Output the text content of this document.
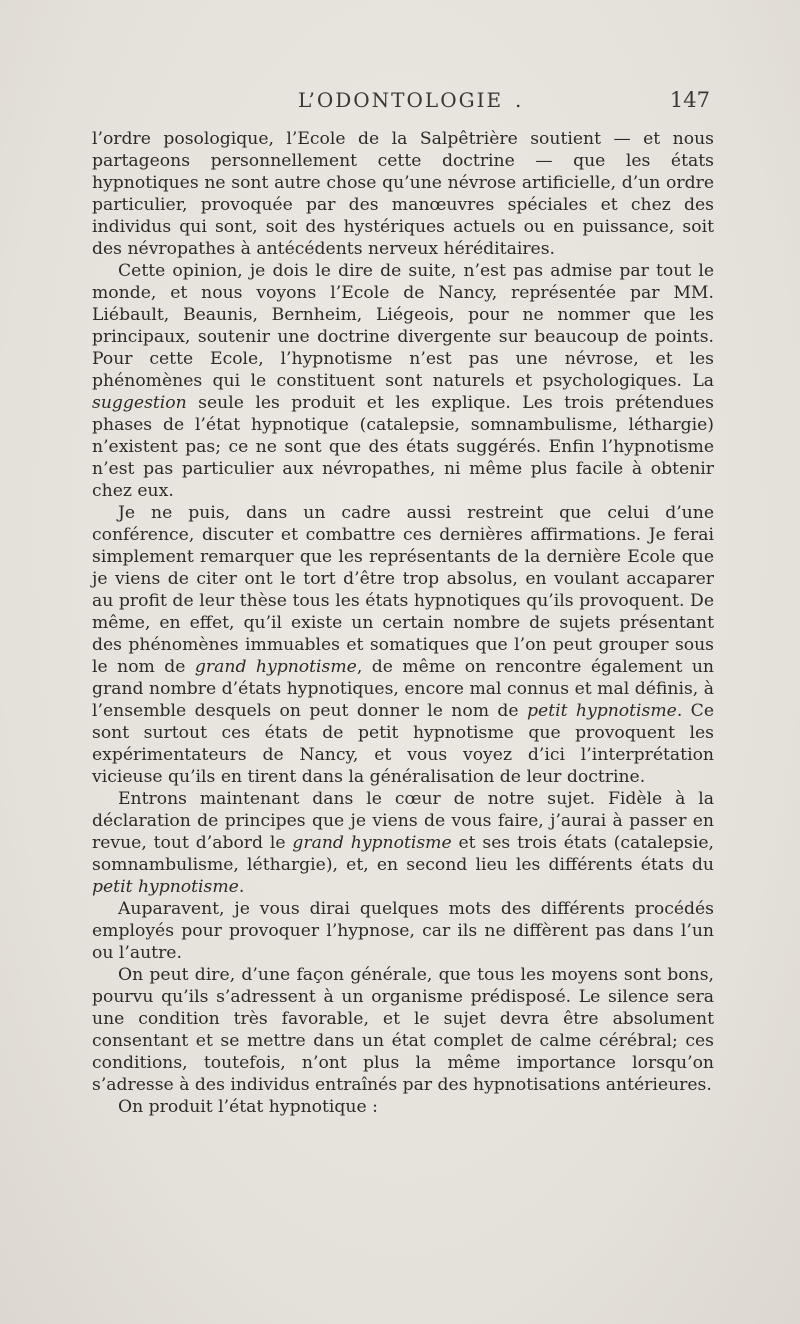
L’ODONTOLOGIE .	147

l’ordre posologique, l’Ecole de la Salpêtrière soutient — et nous partageons personnellement cette doctrine — que les états hypnotiques ne sont autre chose qu’une névrose artificielle, d’un ordre particulier, provoquée par des manœuvres spéciales et chez des individus qui sont, soit des hystériques actuels ou en puissance, soit des névropathes à antécédents nerveux héréditaires.

Cette opinion, je dois le dire de suite, n’est pas admise par tout le monde, et nous voyons l’Ecole de Nancy, représentée par MM. Liébault, Beaunis, Bernheim, Liégeois, pour ne nommer que les principaux, soutenir une doctrine divergente sur beaucoup de points. Pour cette Ecole, l’hypnotisme n’est pas une névrose, et les phénomènes qui le constituent sont naturels et psychologiques. La suggestion seule les produit et les explique. Les trois prétendues phases de l’état hypnotique (catalepsie, somnambulisme, léthargie) n’existent pas; ce ne sont que des états suggérés. Enfin l’hypnotisme n’est pas particulier aux névropathes, ni même plus facile à obtenir chez eux.

Je ne puis, dans un cadre aussi restreint que celui d’une conférence, discuter et combattre ces dernières affirmations. Je ferai simplement remarquer que les représentants de la dernière Ecole que je viens de citer ont le tort d’être trop absolus, en voulant accaparer au profit de leur thèse tous les états hypnotiques qu’ils provoquent. De même, en effet, qu’il existe un certain nombre de sujets présentant des phénomènes immuables et somatiques que l’on peut grouper sous le nom de grand hypnotisme, de même on rencontre également un grand nombre d’états hypnotiques, encore mal connus et mal définis, à l’ensemble desquels on peut donner le nom de petit hypnotisme. Ce sont surtout ces états de petit hypnotisme que provoquent les expérimentateurs de Nancy, et vous voyez d’ici l’interprétation vicieuse qu’ils en tirent dans la généralisation de leur doctrine.

Entrons maintenant dans le cœur de notre sujet. Fidèle à la déclaration de principes que je viens de vous faire, j’aurai à passer en revue, tout d’abord le grand hypnotisme et ses trois états (catalepsie, somnambulisme, léthargie), et, en second lieu les différents états du petit hypnotisme.

Auparavent, je vous dirai quelques mots des différents procédés employés pour provoquer l’hypnose, car ils ne diffèrent pas dans l’un ou l’autre.

On peut dire, d’une façon générale, que tous les moyens sont bons, pourvu qu’ils s’adressent à un organisme prédisposé. Le silence sera une condition très favorable, et le sujet devra être absolument consentant et se mettre dans un état complet de calme cérébral; ces conditions, toutefois, n’ont plus la même importance lorsqu’on s’adresse à des individus entraînés par des hypnotisations antérieures.

On produit l’état hypnotique :
